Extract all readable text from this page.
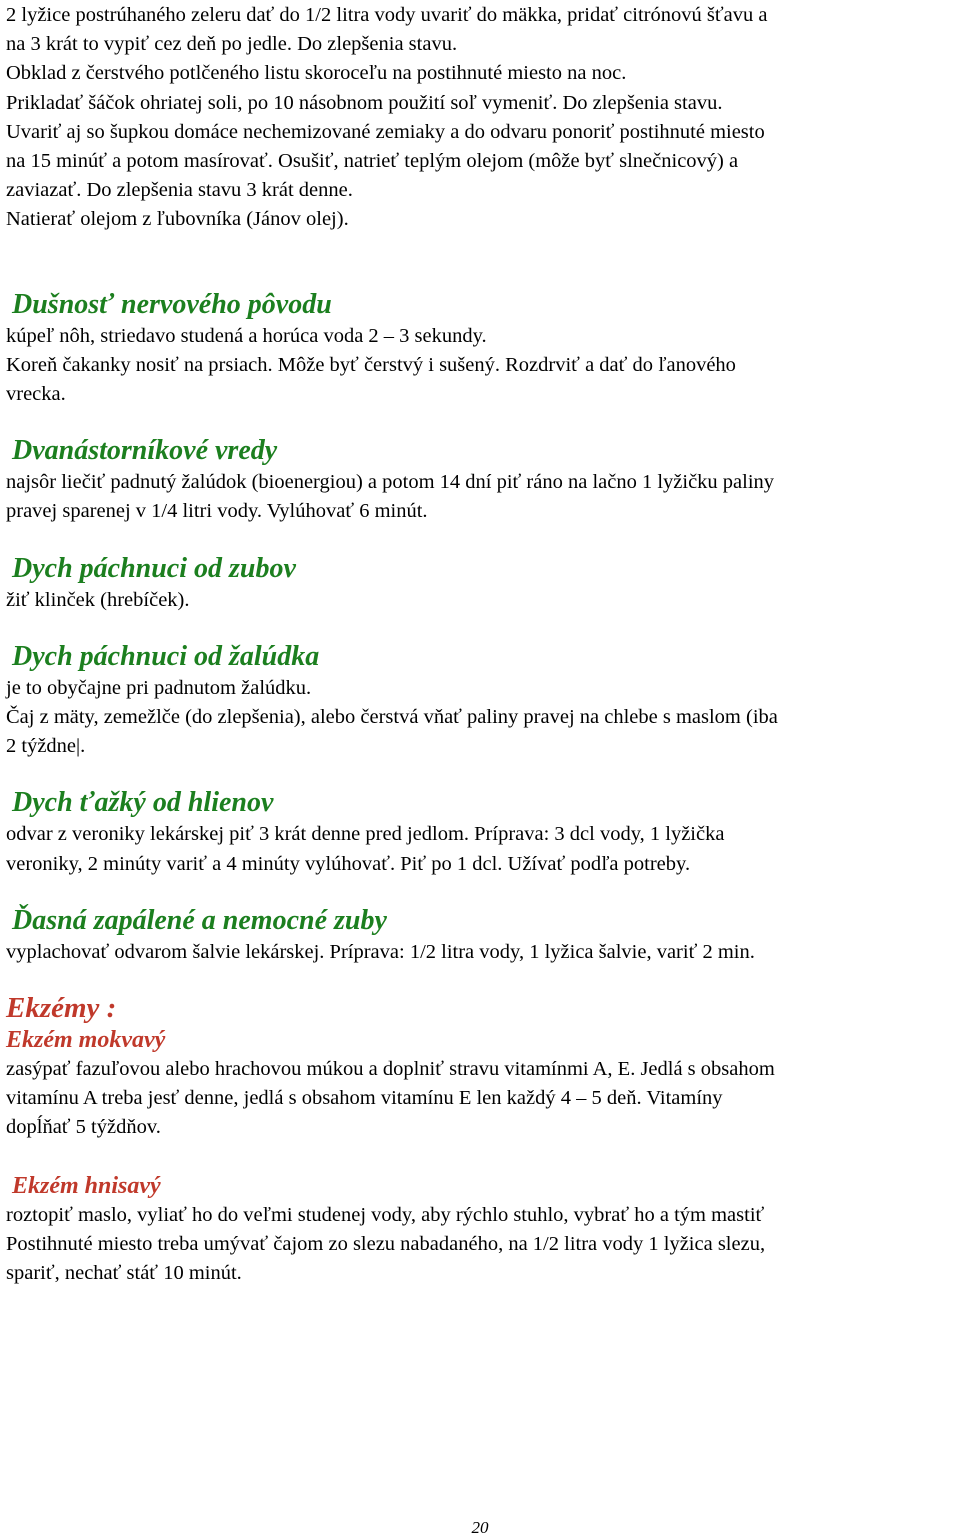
2 lyžice postrúhaného zeleru dať do 1/2 litra vody uvariť do mäkka, pridať citrónovú šťavu a

na 3 krát to vypiť cez deň po jedle. Do zlepšenia stavu.

Obklad z čerstvého potlčeného listu skoroceľu na postihnuté miesto na noc.

Prikladať šáčok ohriatej soli, po 10 násobnom použití soľ vymeniť. Do zlepšenia stavu.

Uvariť aj so šupkou domáce nechemizované zemiaky a do odvaru ponoriť postihnuté miesto

na 15 minúť a potom masírovať. Osušiť, natrieť teplým olejom (môže byť slnečnicový) a

zaviazať. Do zlepšenia stavu 3 krát denne.

Natierať olejom z ľubovníka (Jánov olej).

Dušnosť nervového pôvodu

kúpeľ nôh, striedavo studená a horúca voda 2 – 3 sekundy.

Koreň čakanky nosiť na prsiach. Môže byť čerstvý i sušený. Rozdrviť a dať do ľanového

vrecka.

Dvanástorníkové vredy

najsôr liečiť padnutý žalúdok (bioenergiou) a potom 14 dní piť ráno na lačno 1 lyžičku paliny

pravej sparenej v 1/4 litri vody. Vylúhovať 6 minút.

Dych páchnuci od zubov

žiť klinček (hrebíček).

Dych páchnuci od žalúdka

je to obyčajne pri padnutom žalúdku.

Čaj z mäty, zemežlče (do zlepšenia), alebo čerstvá vňať paliny pravej na chlebe s maslom (iba

2 týždne|.

Dych ťažký od hlienov

odvar z veroniky lekárskej piť 3 krát denne pred jedlom. Príprava: 3 dcl vody, 1 lyžička

veroniky, 2 minúty variť a 4 minúty vylúhovať. Piť po 1 dcl. Užívať podľa potreby.

Ďasná zapálené a nemocné zuby

vyplachovať odvarom šalvie lekárskej. Príprava: 1/2 litra vody, 1 lyžica šalvie, variť 2 min.

Ekzémy :
Ekzém mokvavý

zasýpať fazuľovou alebo hrachovou múkou a doplniť stravu vitamínmi A, E. Jedlá s obsahom

vitamínu A treba jesť denne, jedlá s obsahom vitamínu E len každý 4 – 5 deň. Vitamíny

dopĺňať 5 týždňov.

Ekzém hnisavý

roztopiť maslo, vyliať ho do veľmi studenej vody, aby rýchlo stuhlo, vybrať ho a tým mastiť

Postihnuté miesto treba umývať čajom zo slezu nabadaného, na 1/2 litra vody 1 lyžica slezu,

spariť, nechať stáť 10 minút.

20
